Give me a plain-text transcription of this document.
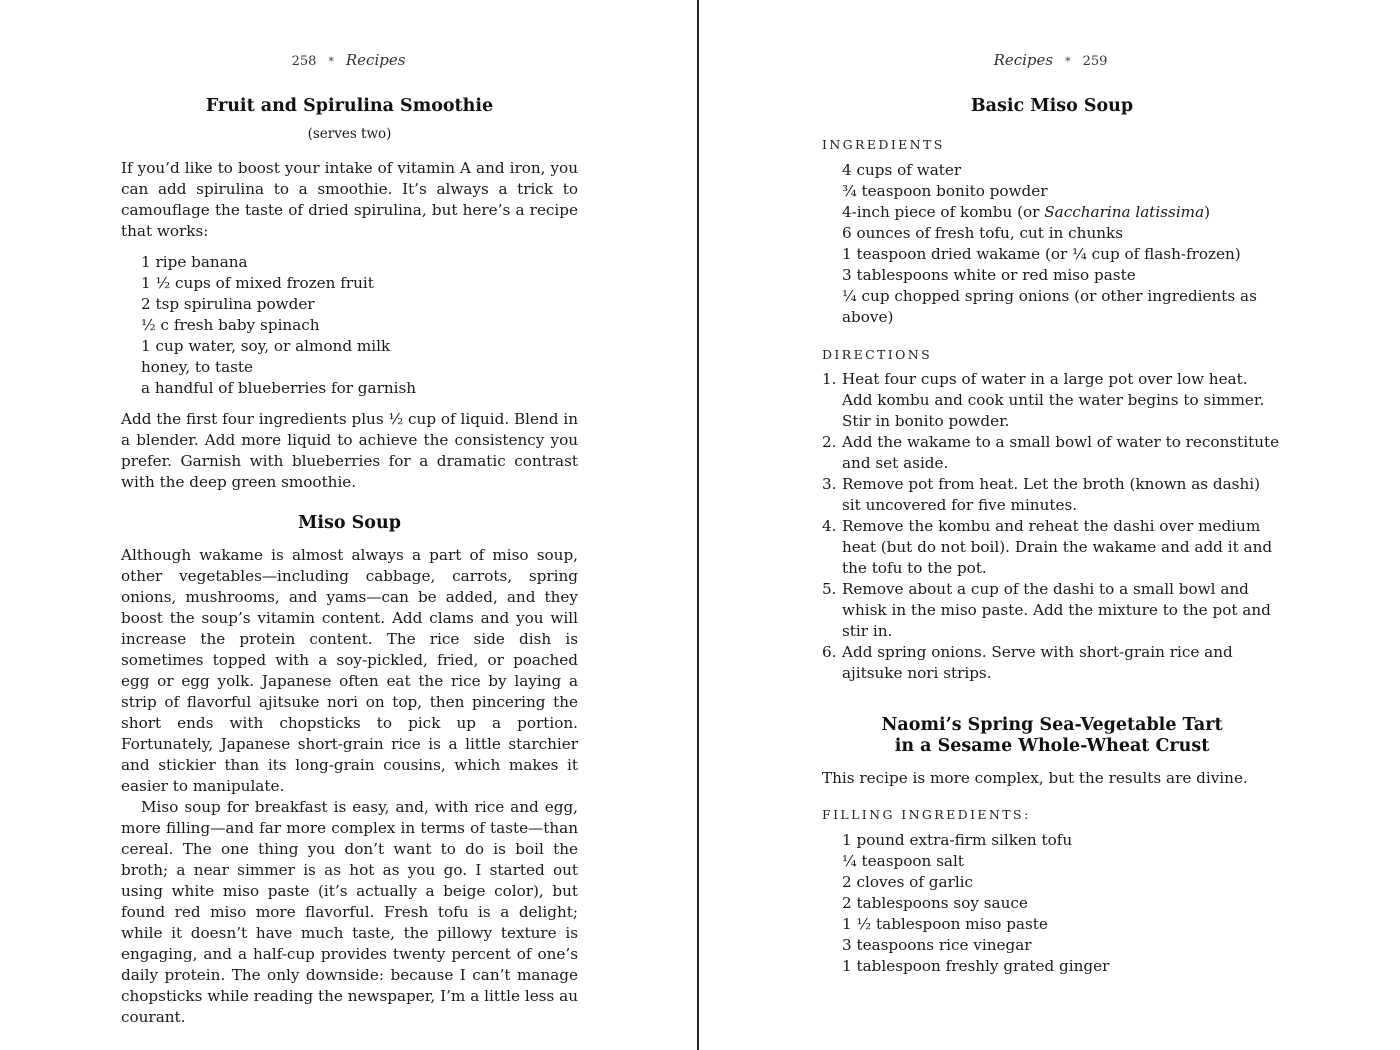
258 * Recipes
Fruit and Spirulina Smoothie
(serves two)

If you’d like to boost your intake of vitamin A and iron, you can add spirulina to a smoothie. It’s always a trick to camouflage the taste of dried spirulina, but here’s a recipe that works:

1 ripe banana
1 ½ cups of mixed frozen fruit
2 tsp spirulina powder
½ c fresh baby spinach
1 cup water, soy, or almond milk
honey, to taste
a handful of blueberries for garnish

Add the first four ingredients plus ½ cup of liquid. Blend in a blender. Add more liquid to achieve the consistency you prefer. Garnish with blueberries for a dramatic contrast with the deep green smoothie.

Miso Soup

Although wakame is almost always a part of miso soup, other vegetables—including cabbage, carrots, spring onions, mushrooms, and yams—can be added, and they boost the soup’s vitamin content. Add clams and you will increase the protein content. The rice side dish is sometimes topped with a soy-pickled, fried, or poached egg or egg yolk. Japanese often eat the rice by laying a strip of flavorful ajitsuke nori on top, then pincering the short ends with chopsticks to pick up a portion. Fortunately, Japanese short-grain rice is a little starchier and stickier than its long-grain cousins, which makes it easier to manipulate.

Miso soup for breakfast is easy, and, with rice and egg, more filling—and far more complex in terms of taste—than cereal. The one thing you don’t want to do is boil the broth; a near simmer is as hot as you go. I started out using white miso paste (it’s actually a beige color), but found red miso more flavorful. Fresh tofu is a delight; while it doesn’t have much taste, the pillowy texture is engaging, and a half-cup provides twenty percent of one’s daily protein. The only downside: because I can’t manage chopsticks while reading the newspaper, I’m a little less au courant.

Recipes * 259
Basic Miso Soup
INGREDIENTS
4 cups of water
¾ teaspoon bonito powder
4-inch piece of kombu (or Saccharina latissima)
6 ounces of fresh tofu, cut in chunks
1 teaspoon dried wakame (or ¼ cup of flash-frozen)
3 tablespoons white or red miso paste
¼ cup chopped spring onions (or other ingredients as above)
DIRECTIONS
1. Heat four cups of water in a large pot over low heat. Add kombu and cook until the water begins to simmer. Stir in bonito powder.
2. Add the wakame to a small bowl of water to reconstitute and set aside.
3. Remove pot from heat. Let the broth (known as dashi) sit uncovered for five minutes.
4. Remove the kombu and reheat the dashi over medium heat (but do not boil). Drain the wakame and add it and the tofu to the pot.
5. Remove about a cup of the dashi to a small bowl and whisk in the miso paste. Add the mixture to the pot and stir in.
6. Add spring onions. Serve with short-grain rice and ajitsuke nori strips.
Naomi’s Spring Sea-Vegetable Tart
in a Sesame Whole-Wheat Crust

This recipe is more complex, but the results are divine.

FILLING INGREDIENTS:
1 pound extra-firm silken tofu
¼ teaspoon salt
2 cloves of garlic
2 tablespoons soy sauce
1 ½ tablespoon miso paste
3 teaspoons rice vinegar
1 tablespoon freshly grated ginger
